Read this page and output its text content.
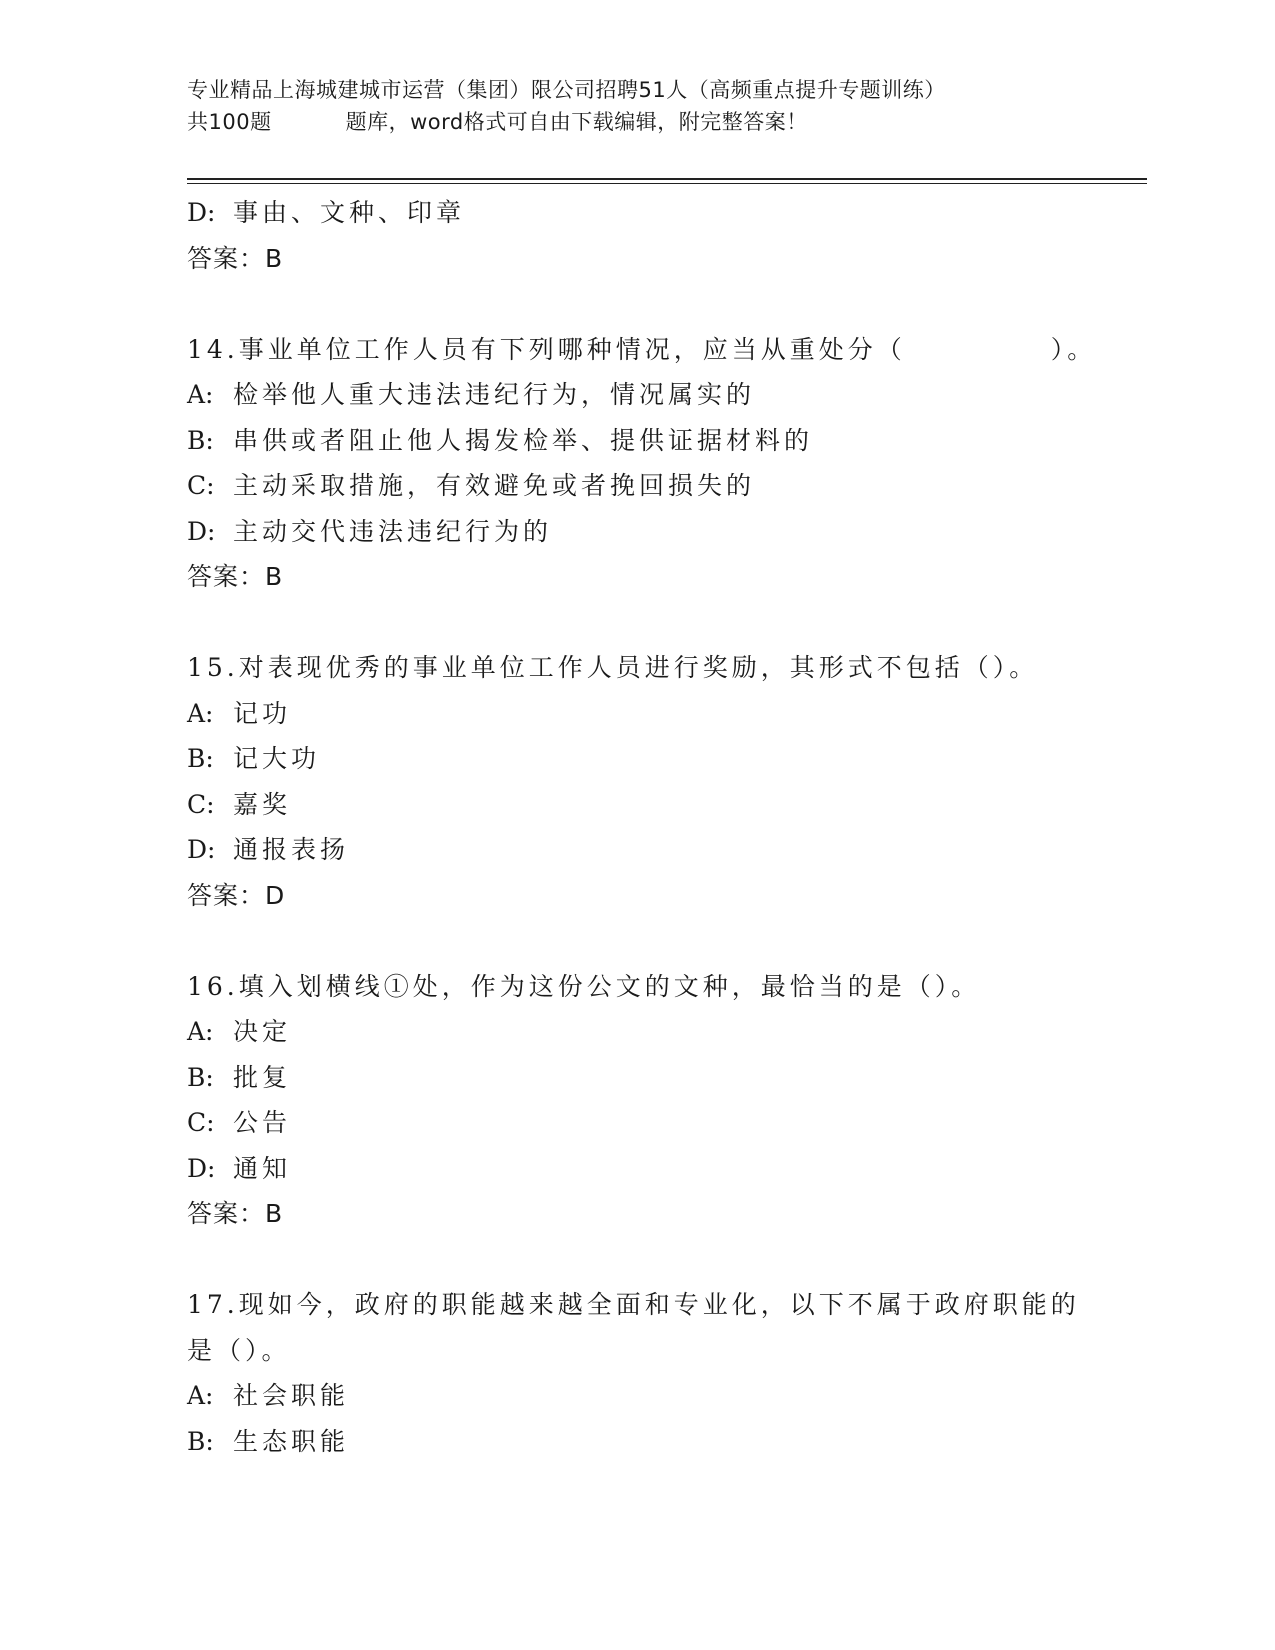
专业精品上海城建城市运营（集团）限公司招聘51人（高频重点提升专题训练）
共100题	题库，word格式可自由下载编辑，附完整答案！
D: 事由、文种、印章
答案：B
14.事业单位工作人员有下列哪种情况，应当从重处分（　　　　　）。
A: 检举他人重大违法违纪行为，情况属实的
B: 串供或者阻止他人揭发检举、提供证据材料的
C: 主动采取措施，有效避免或者挽回损失的
D: 主动交代违法违纪行为的
答案：B
15.对表现优秀的事业单位工作人员进行奖励，其形式不包括（）。
A: 记功
B: 记大功
C: 嘉奖
D: 通报表扬
答案：D
16.填入划横线①处，作为这份公文的文种，最恰当的是（）。
A: 决定
B: 批复
C: 公告
D: 通知
答案：B
17.现如今，政府的职能越来越全面和专业化，以下不属于政府职能的
是（）。
A: 社会职能
B: 生态职能
